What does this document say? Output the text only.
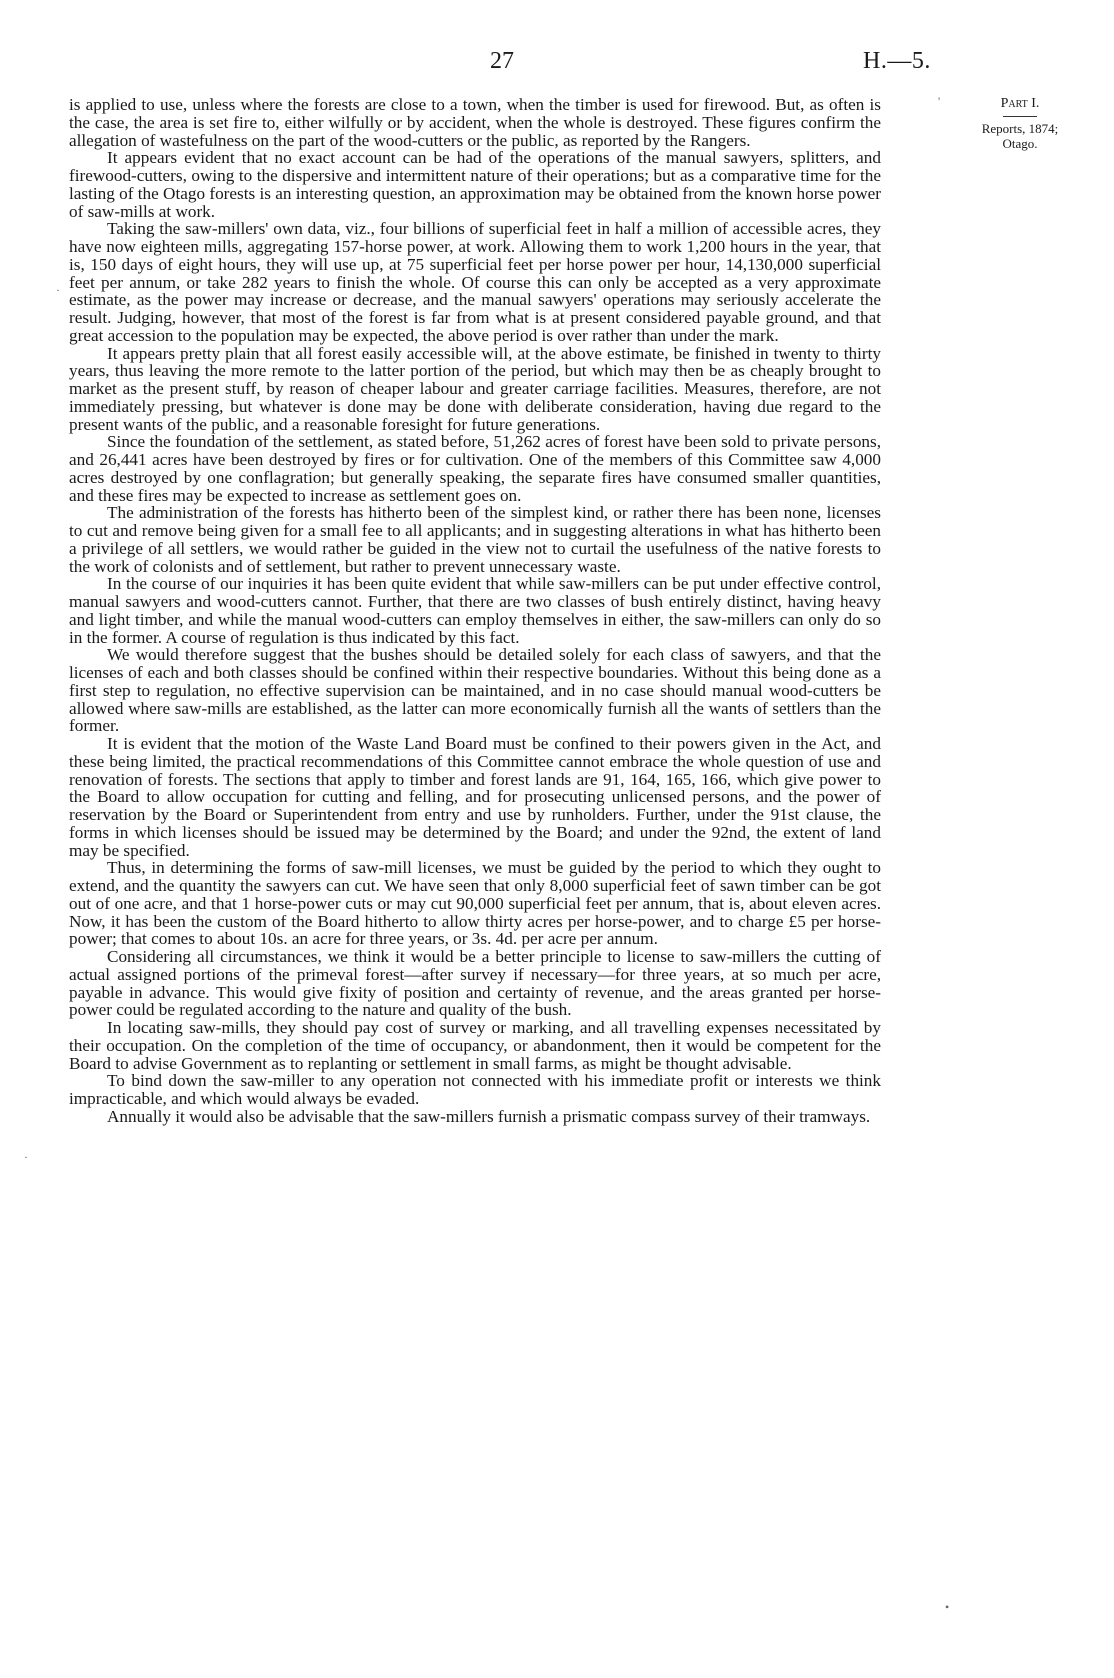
27	H.—5.
Part I.
Reports, 1874;
Otago.

is applied to use, unless where the forests are close to a town, when the timber is used for firewood. But, as often is the case, the area is set fire to, either wilfully or by accident, when the whole is destroyed. These figures confirm the allegation of wastefulness on the part of the wood-cutters or the public, as reported by the Rangers.

It appears evident that no exact account can be had of the operations of the manual sawyers, splitters, and firewood-cutters, owing to the dispersive and intermittent nature of their operations; but as a comparative time for the lasting of the Otago forests is an interesting question, an approximation may be obtained from the known horse power of saw-mills at work.

Taking the saw-millers' own data, viz., four billions of superficial feet in half a million of accessible acres, they have now eighteen mills, aggregating 157-horse power, at work. Allowing them to work 1,200 hours in the year, that is, 150 days of eight hours, they will use up, at 75 superficial feet per horse power per hour, 14,130,000 superficial feet per annum, or take 282 years to finish the whole. Of course this can only be accepted as a very approximate estimate, as the power may increase or decrease, and the manual sawyers' operations may seriously accelerate the result. Judging, however, that most of the forest is far from what is at present considered payable ground, and that great accession to the population may be expected, the above period is over rather than under the mark.

It appears pretty plain that all forest easily accessible will, at the above estimate, be finished in twenty to thirty years, thus leaving the more remote to the latter portion of the period, but which may then be as cheaply brought to market as the present stuff, by reason of cheaper labour and greater carriage facilities. Measures, therefore, are not immediately pressing, but whatever is done may be done with deliberate consideration, having due regard to the present wants of the public, and a reasonable foresight for future generations.

Since the foundation of the settlement, as stated before, 51,262 acres of forest have been sold to private persons, and 26,441 acres have been destroyed by fires or for cultivation. One of the members of this Committee saw 4,000 acres destroyed by one conflagration; but generally speaking, the separate fires have consumed smaller quantities, and these fires may be expected to increase as settlement goes on.

The administration of the forests has hitherto been of the simplest kind, or rather there has been none, licenses to cut and remove being given for a small fee to all applicants; and in suggesting alterations in what has hitherto been a privilege of all settlers, we would rather be guided in the view not to curtail the usefulness of the native forests to the work of colonists and of settlement, but rather to prevent unnecessary waste.

In the course of our inquiries it has been quite evident that while saw-millers can be put under effective control, manual sawyers and wood-cutters cannot. Further, that there are two classes of bush entirely distinct, having heavy and light timber, and while the manual wood-cutters can employ themselves in either, the saw-millers can only do so in the former. A course of regulation is thus indicated by this fact.

We would therefore suggest that the bushes should be detailed solely for each class of sawyers, and that the licenses of each and both classes should be confined within their respective boundaries. Without this being done as a first step to regulation, no effective supervision can be maintained, and in no case should manual wood-cutters be allowed where saw-mills are established, as the latter can more economically furnish all the wants of settlers than the former.

It is evident that the motion of the Waste Land Board must be confined to their powers given in the Act, and these being limited, the practical recommendations of this Committee cannot embrace the whole question of use and renovation of forests. The sections that apply to timber and forest lands are 91, 164, 165, 166, which give power to the Board to allow occupation for cutting and felling, and for prosecuting unlicensed persons, and the power of reservation by the Board or Superintendent from entry and use by runholders. Further, under the 91st clause, the forms in which licenses should be issued may be determined by the Board; and under the 92nd, the extent of land may be specified.

Thus, in determining the forms of saw-mill licenses, we must be guided by the period to which they ought to extend, and the quantity the sawyers can cut. We have seen that only 8,000 superficial feet of sawn timber can be got out of one acre, and that 1 horse-power cuts or may cut 90,000 superficial feet per annum, that is, about eleven acres. Now, it has been the custom of the Board hitherto to allow thirty acres per horse-power, and to charge £5 per horse-power; that comes to about 10s. an acre for three years, or 3s. 4d. per acre per annum.

Considering all circumstances, we think it would be a better principle to license to saw-millers the cutting of actual assigned portions of the primeval forest—after survey if necessary—for three years, at so much per acre, payable in advance. This would give fixity of position and certainty of revenue, and the areas granted per horse-power could be regulated according to the nature and quality of the bush.

In locating saw-mills, they should pay cost of survey or marking, and all travelling expenses necessitated by their occupation. On the completion of the time of occupancy, or abandonment, then it would be competent for the Board to advise Government as to replanting or settlement in small farms, as might be thought advisable.

To bind down the saw-miller to any operation not connected with his immediate profit or interests we think impracticable, and which would always be evaded.

Annually it would also be advisable that the saw-millers furnish a prismatic compass survey of their tramways.

'
·
·
•
